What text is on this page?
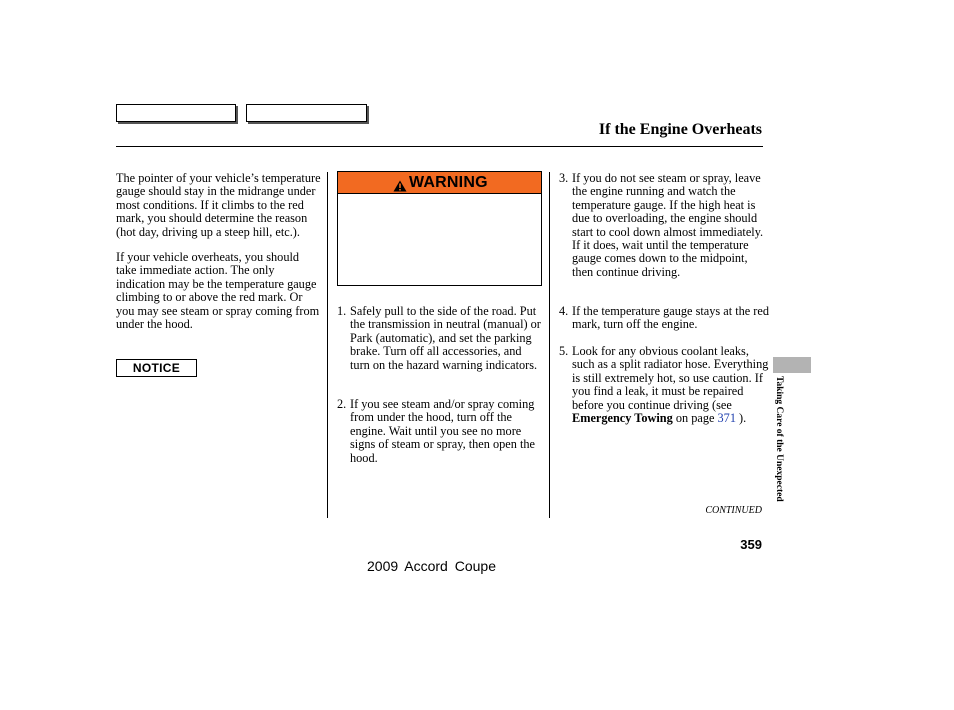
If the Engine Overheats

The pointer of your vehicle’s temperature gauge should stay in the midrange under most conditions. If it climbs to the red mark, you should determine the reason (hot day, driving up a steep hill, etc.).

If your vehicle overheats, you should take immediate action. The only indication may be the temperature gauge climbing to or above the red mark. Or you may see steam or spray coming from under the hood.

NOTICE
WARNING
1. Safely pull to the side of the road. Put the transmission in neutral (manual) or Park (automatic), and set the parking brake. Turn off all accessories, and turn on the hazard warning indicators.
2. If you see steam and/or spray coming from under the hood, turn off the engine. Wait until you see no more signs of steam or spray, then open the hood.
3. If you do not see steam or spray, leave the engine running and watch the temperature gauge. If the high heat is due to overloading, the engine should start to cool down almost immediately. If it does, wait until the temperature gauge comes down to the midpoint, then continue driving.
4. If the temperature gauge stays at the red mark, turn off the engine.
5. Look for any obvious coolant leaks, such as a split radiator hose. Everything is still extremely hot, so use caution. If you find a leak, it must be repaired before you continue driving (see Emergency Towing on page 371 ).
CONTINUED
359
2009 Accord Coupe
Taking Care of the Unexpected
